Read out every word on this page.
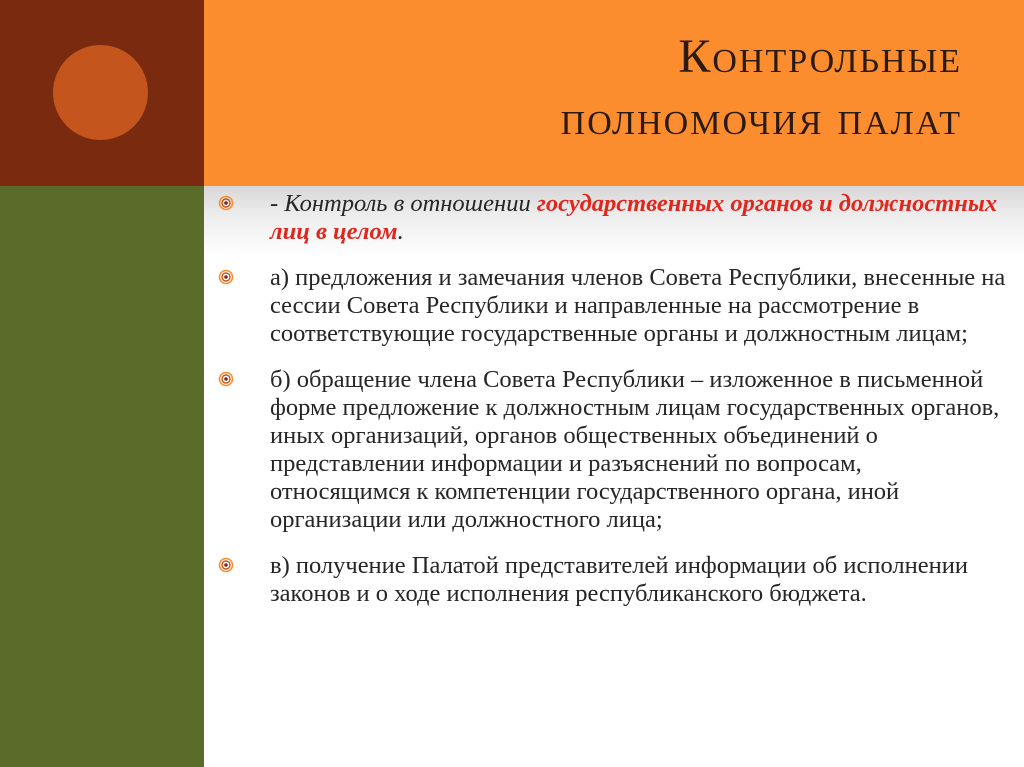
Контрольные
полномочия палат
- Контроль в отношении государственных органов и должностных лиц в целом.
а) предложения и замечания членов Совета Республики, внесенные на сессии Совета Республики и направленные на рассмотрение в соответствующие государственные органы и должностным лицам;
б) обращение члена Совета Республики – изложенное в письменной форме предложение к должностным лицам государственных органов, иных организаций, органов общественных объединений о представлении информации и разъяснений по вопросам, относящимся к компетенции государственного органа, иной организации или должностного лица;
в) получение Палатой представителей информации об исполнении законов и о ходе исполнения республиканского бюджета.
